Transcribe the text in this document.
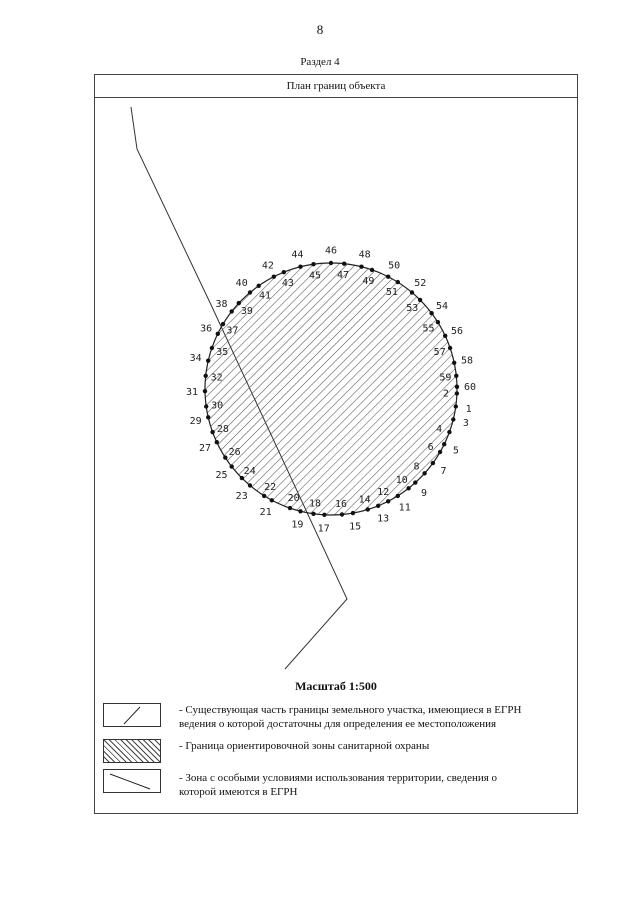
8
Раздел 4
План границ объекта
1
2
3
4
5
6
7
8
9
10
11
12
13
14
15
16
17
18
19
20
21
22
23
24
25
26
27
28
29
30
31
32
34
35
36 37
38
39
40
41
42
43
44
45
46
47
48
49
50
51
52
53 54
55 56
57
58
59
60
Масштаб 1:500
- Существующая часть границы земельного участка, имеющиеся в ЕГРН
ведения о которой достаточны для определения ее местоположения
- Граница ориентировочной зоны санитарной охраны
- Зона с особыми условиями использования территории, сведения о
которой имеются в ЕГРН
